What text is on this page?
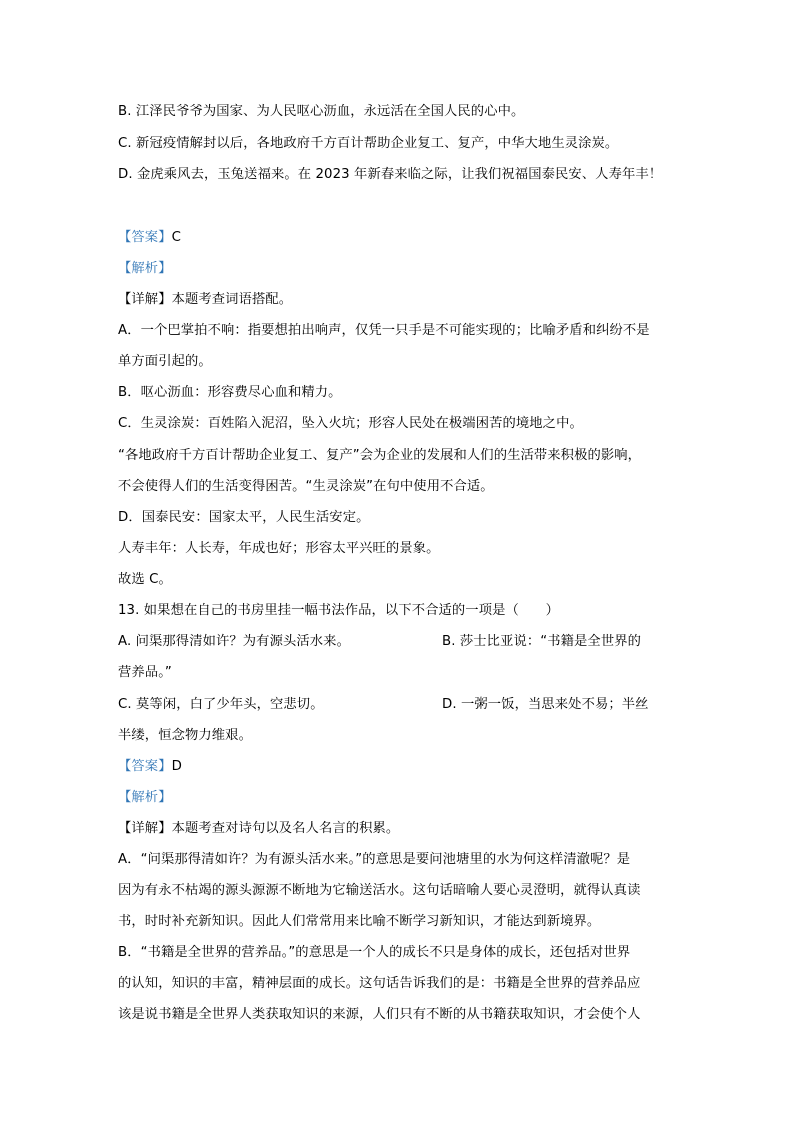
B. 江泽民爷爷为国家、为人民呕心沥血，永远活在全国人民的心中。
C. 新冠疫情解封以后，各地政府千方百计帮助企业复工、复产，中华大地生灵涂炭。
D. 金虎乘风去，玉兔送福来。在 2023 年新春来临之际，让我们祝福国泰民安、人寿年丰！
【答案】C
【解析】
【详解】本题考查词语搭配。
A．一个巴掌拍不响：指要想拍出响声，仅凭一只手是不可能实现的；比喻矛盾和纠纷不是
单方面引起的。
B．呕心沥血：形容费尽心血和精力。
C．生灵涂炭：百姓陷入泥沼，坠入火坑；形容人民处在极端困苦的境地之中。
“各地政府千方百计帮助企业复工、复产”会为企业的发展和人们的生活带来积极的影响，
不会使得人们的生活变得困苦。“生灵涂炭”在句中使用不合适。
D．国泰民安：国家太平，人民生活安定。
人寿丰年：人长寿，年成也好；形容太平兴旺的景象。
故选 C。
13. 如果想在自己的书房里挂一幅书法作品，以下不合适的一项是（　　）
A. 问渠那得清如许？为有源头活水来。	B. 莎士比亚说：“书籍是全世界的
营养品。”
C. 莫等闲，白了少年头，空悲切。	D. 一粥一饭，当思来处不易；半丝
半缕，恒念物力维艰。
【答案】D
【解析】
【详解】本题考查对诗句以及名人名言的积累。
A．“问渠那得清如许？为有源头活水来。”的意思是要问池塘里的水为何这样清澈呢？是
因为有永不枯竭的源头源源不断地为它输送活水。这句话暗喻人要心灵澄明，就得认真读
书，时时补充新知识。因此人们常常用来比喻不断学习新知识，才能达到新境界。
B．“书籍是全世界的营养品。”的意思是一个人的成长不只是身体的成长，还包括对世界
的认知，知识的丰富，精神层面的成长。这句话告诉我们的是：书籍是全世界的营养品应
该是说书籍是全世界人类获取知识的来源，人们只有不断的从书籍获取知识，才会使个人
